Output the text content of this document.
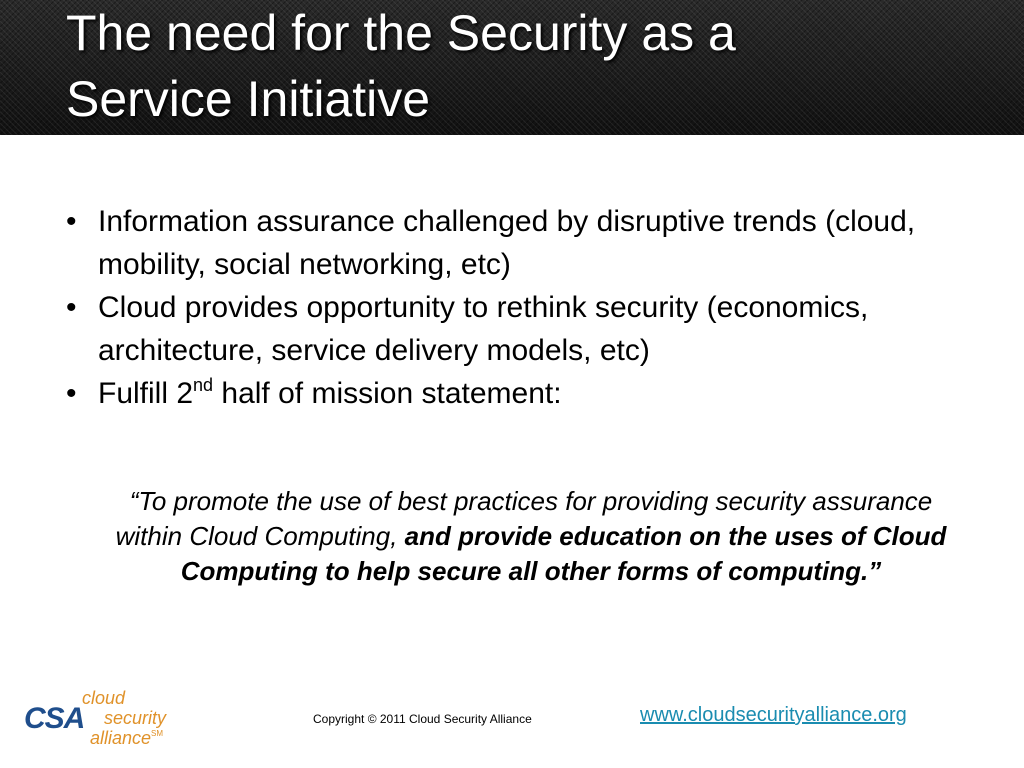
The need for the Security as a
Service Initiative
• Information assurance challenged by disruptive trends (cloud, mobility, social networking, etc)
• Cloud provides opportunity to rethink security (economics, architecture, service delivery models, etc)
• Fulfill 2nd half of mission statement:

“To promote the use of best practices for providing security assurance within Cloud Computing, and provide education on the uses of Cloud Computing to help secure all other forms of computing.”

CSA
cloud
security
alliance℠
Copyright © 2011 Cloud Security Alliance	www.cloudsecurityalliance.org
